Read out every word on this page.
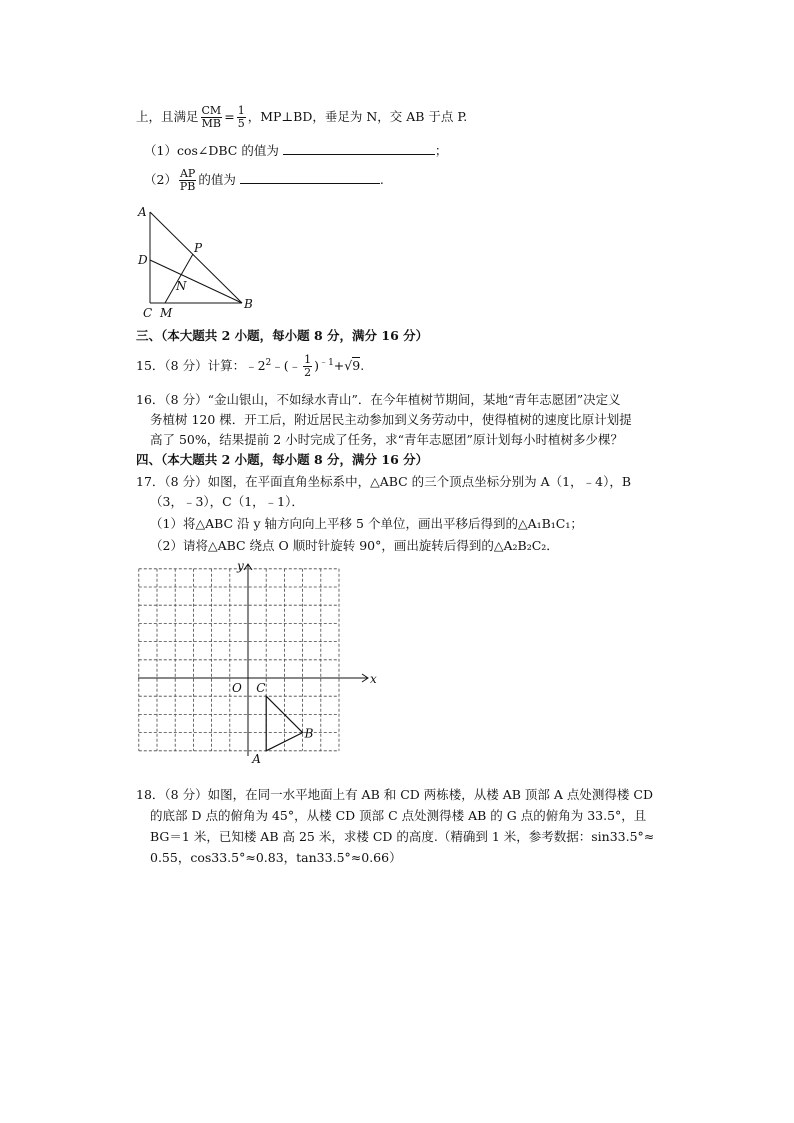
上，且满足 $\frac{CM}{MB} = \frac{1}{5}$ ，MP⊥BD，垂足为 N，交 AB 于点 P.
（1）cos∠DBC 的值为	；
$(2) \frac{AP}{PB}$ 的值为	.
A
D
P
N
C M
B
三、（本大题共 2 小题，每小题 8 分，满分 16 分）
15．（8 分）计算：$﹣2^2﹣(﹣ \frac{1}{2} )^{﹣1}+√9$.
16．（8 分）“金山银山，不如绿水青山”．在今年植树节期间，某地“青年志愿团”决定义
务植树 120 棵．开工后，附近居民主动参加到义务劳动中，使得植树的速度比原计划提
高了 50%，结果提前 2 小时完成了任务，求“青年志愿团”原计划每小时植树多少棵？
四、（本大题共 2 小题，每小题 8 分，满分 16 分）
17．（8 分）如图，在平面直角坐标系中，△ABC 的三个顶点坐标分别为 A（1，﹣4），B
（3，﹣3），C（1，﹣1）．
（1）将△ABC 沿 y 轴方向向上平移 5 个单位，画出平移后得到的△A₁B₁C₁；
（2）请将△ABC 绕点 O 顺时针旋转 90°，画出旋转后得到的△A₂B₂C₂．
y
x
O C
B
A
18．（8 分）如图，在同一水平地面上有 AB 和 CD 两栋楼，从楼 AB 顶部 A 点处测得楼 CD
的底部 D 点的俯角为 45°，从楼 CD 顶部 C 点处测得楼 AB 的 G 点的俯角为 33.5°，且
BG＝1 米，已知楼 AB 高 25 米，求楼 CD 的高度.（精确到 1 米，参考数据：sin33.5°≈
0.55，cos33.5°≈0.83，tan33.5°≈0.66）
